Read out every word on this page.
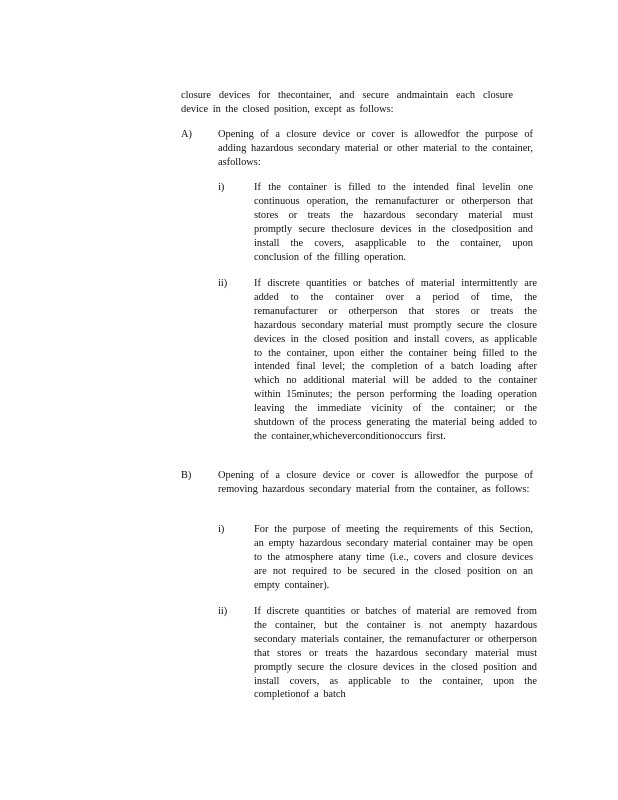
closure devices for thecontainer, and secure andmaintain each closure device in the closed position, except as follows:
A)	Opening of a closure device or cover is allowedfor the purpose of adding hazardous secondary material or other material to the container, asfollows:
i)	If the container is filled to the intended final levelin one continuous operation, the remanufacturer or otherperson that stores or treats the hazardous secondary material must promptly secure theclosure devices in the closedposition and install the covers, asapplicable to the container, upon conclusion of the filling operation.
ii)	If discrete quantities or batches of material intermittently are added to the container over a period of time, the remanufacturer or otherperson that stores or treats the hazardous secondary material must promptly secure the closure devices in the closed position and install covers, as applicable to the container, upon either the container being filled to the intended final level; the completion of a batch loading after which no additional material will be added to the container within 15minutes; the person performing the loading operation leaving the immediate vicinity of the container; or the shutdown of the process generating the material being added to the container,whicheverconditionoccurs first.
B)	Opening of a closure device or cover is allowedfor the purpose of removing hazardous secondary material from the container, as follows:
i)	For the purpose of meeting the requirements of this Section, an empty hazardous secondary material container may be open to the atmosphere atany time (i.e., covers and closure devices are not required to be secured in the closed position on an empty container).
ii)	If discrete quantities or batches of material are removed from the container, but the container is not anempty hazardous secondary materials container, the remanufacturer or otherperson that stores or treats the hazardous secondary material must promptly secure the closure devices in the closed position and install covers, as applicable to the container, upon the completionof a batch
